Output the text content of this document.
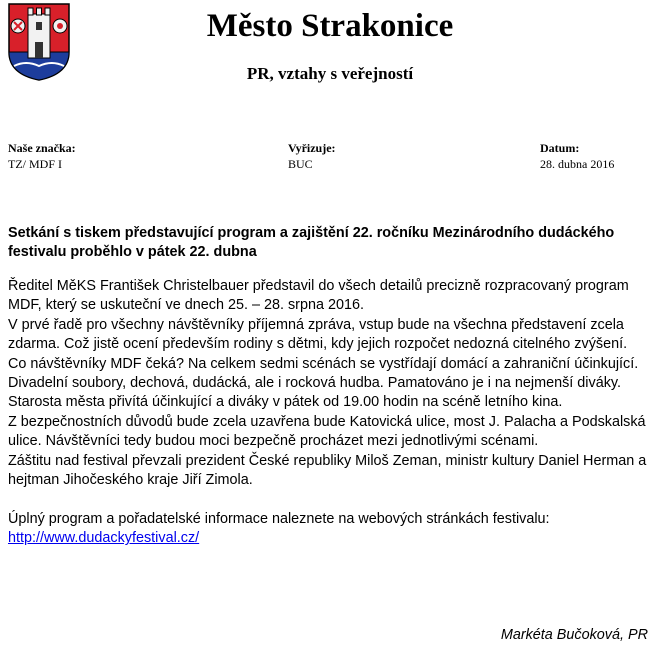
Město Strakonice
PR, vztahy s veřejností
Naše značka:
TZ/ MDF I
Vyřizuje:
BUC
Datum:
28. dubna 2016
Setkání s tiskem představující program a zajištění 22. ročníku Mezinárodního dudáckého festivalu proběhlo v pátek 22. dubna

Ředitel MěKS František Christelbauer představil do všech detailů precizně rozpracovaný program MDF, který se uskuteční ve dnech 25. – 28. srpna 2016.

V prvé řadě pro všechny návštěvníky příjemná zpráva, vstup bude na všechna představení zcela zdarma. Což jistě ocení především rodiny s dětmi, kdy jejich rozpočet nedozná citelného zvýšení.

Co návštěvníky MDF čeká? Na celkem sedmi scénách se vystřídají domácí a zahraniční účinkující. Divadelní soubory, dechová, dudácká, ale i rocková hudba. Pamatováno je i na nejmenší diváky.

Starosta města přivítá účinkující a diváky v pátek od 19.00 hodin na scéně letního kina.

Z bezpečnostních důvodů bude zcela uzavřena bude Katovická ulice, most J. Palacha a Podskalská ulice. Návštěvníci tedy budou moci bezpečně procházet mezi jednotlivými scénami.

Záštitu nad festival převzali prezident České republiky Miloš Zeman, ministr kultury Daniel Herman a hejtman Jihočeského kraje Jiří Zimola.

Úplný program a pořadatelské informace naleznete na webových stránkách festivalu:

http://www.dudackyfestival.cz/

Markéta Bučoková, PR
